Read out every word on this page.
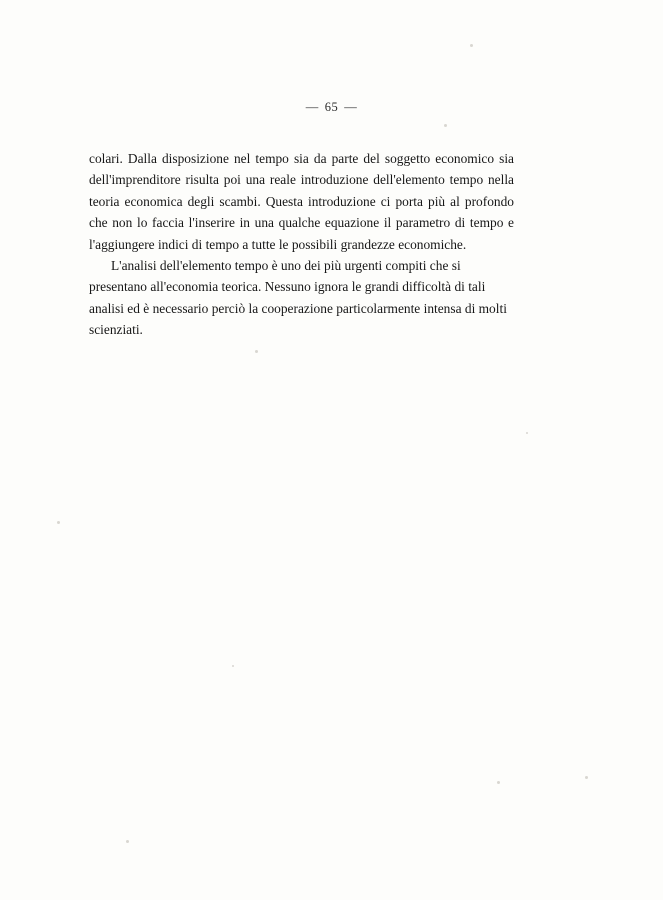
— 65 —

colari. Dalla disposizione nel tempo sia da parte del soggetto economico sia dell'imprenditore risulta poi una reale introduzione dell'elemento tempo nella teoria economica degli scambi. Questa introduzione ci porta più al profondo che non lo faccia l'inserire in una qualche equazione il parametro di tempo e l'aggiungere indici di tempo a tutte le possibili grandezze economiche.

L'analisi dell'elemento tempo è uno dei più urgenti compiti che si presentano all'economia teorica. Nessuno ignora le grandi difficoltà di tali analisi ed è necessario perciò la cooperazione particolarmente intensa di molti scienziati.
